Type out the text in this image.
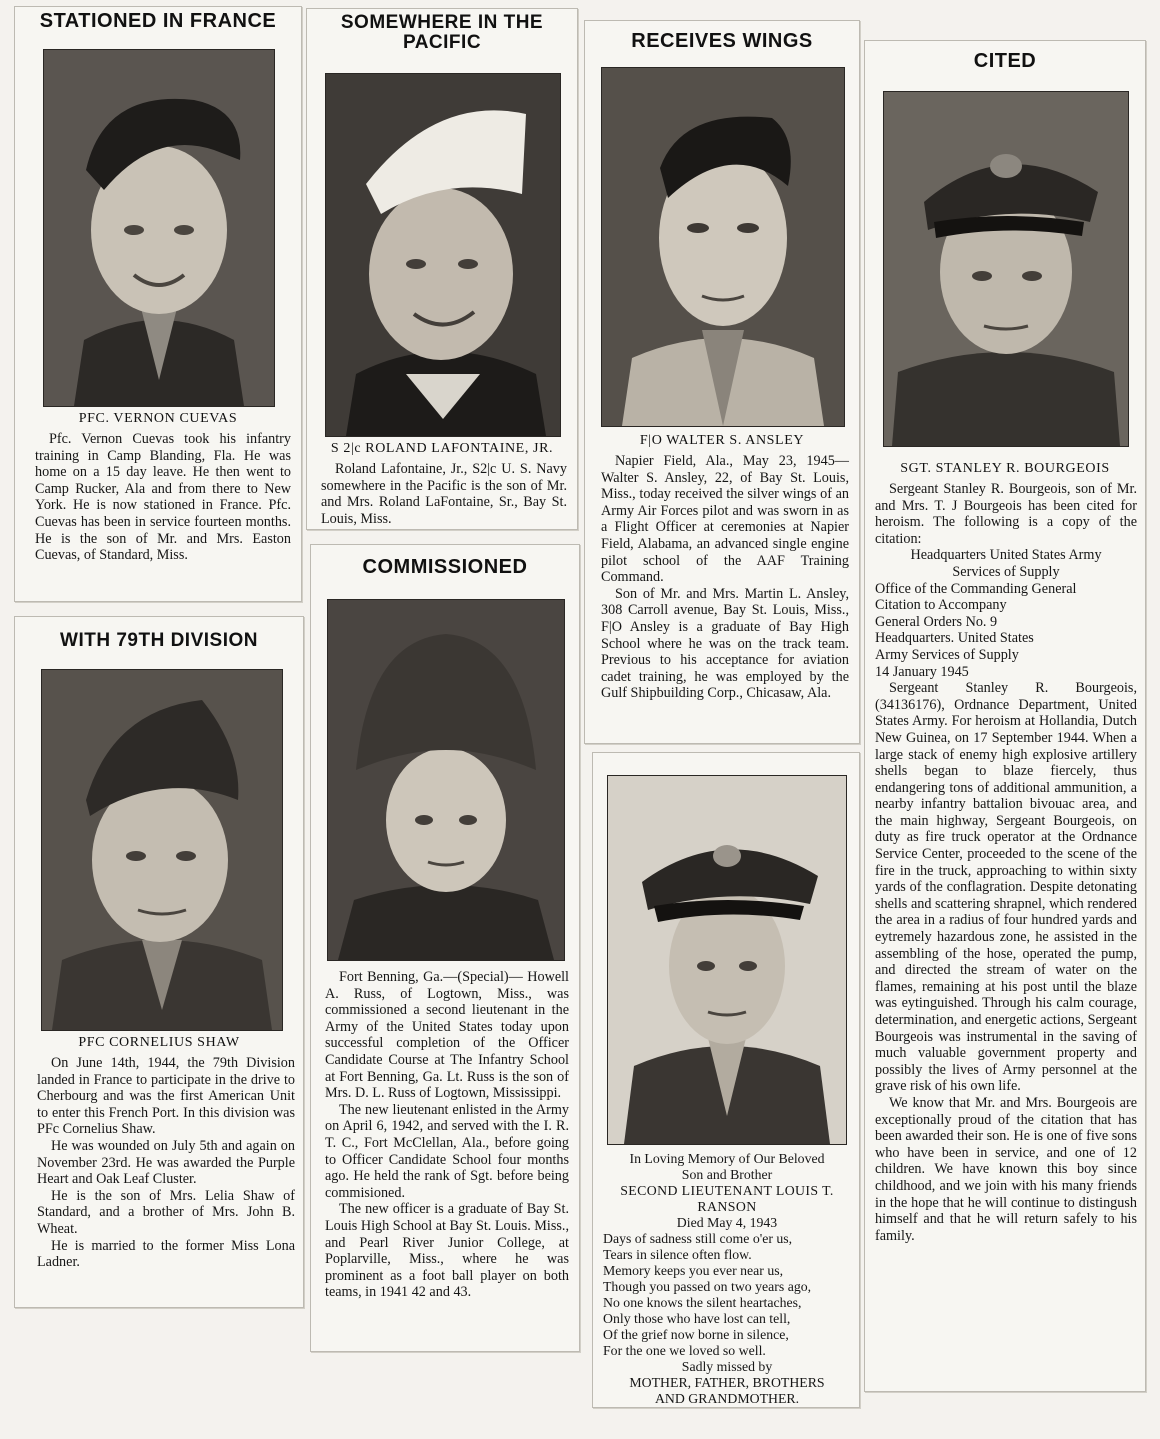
STATIONED IN FRANCE
PFC. VERNON CUEVAS

Pfc. Vernon Cuevas took his infantry training in Camp Blanding, Fla. He was home on a 15 day leave. He then went to Camp Rucker, Ala and from there to New York. He is now stationed in France. Pfc. Cuevas has been in service fourteen months. He is the son of Mr. and Mrs. Easton Cuevas, of Standard, Miss.

SOMEWHERE IN THE PACIFIC
S 2|c ROLAND LAFONTAINE, JR.

Roland Lafontaine, Jr., S2|c U. S. Navy somewhere in the Pacific is the son of Mr. and Mrs. Roland LaFontaine, Sr., Bay St. Louis, Miss.

RECEIVES WINGS
F|O WALTER S. ANSLEY

Napier Field, Ala., May 23, 1945— Walter S. Ansley, 22, of Bay St. Louis, Miss., today received the silver wings of an Army Air Forces pilot and was sworn in as a Flight Officer at ceremonies at Napier Field, Alabama, an advanced single engine pilot school of the AAF Training Command.

Son of Mr. and Mrs. Martin L. Ansley, 308 Carroll avenue, Bay St. Louis, Miss., F|O Ansley is a graduate of Bay High School where he was on the track team. Previous to his acceptance for aviation cadet training, he was employed by the Gulf Shipbuilding Corp., Chicasaw, Ala.

CITED
SGT. STANLEY R. BOURGEOIS

Sergeant Stanley R. Bourgeois, son of Mr. and Mrs. T. J Bourgeois has been cited for heroism. The following is a copy of the citation:

Headquarters United States Army
Services of Supply
Office of the Commanding General
Citation to Accompany
General Orders No. 9
Headquarters. United States
Army Services of Supply
14 January 1945

Sergeant Stanley R. Bourgeois, (34136176), Ordnance Department, United States Army. For heroism at Hollandia, Dutch New Guinea, on 17 September 1944. When a large stack of enemy high explosive artillery shells began to blaze fiercely, thus endangering tons of additional ammunition, a nearby infantry battalion bivouac area, and the main highway, Sergeant Bourgeois, on duty as fire truck operator at the Ordnance Service Center, proceeded to the scene of the fire in the truck, approaching to within sixty yards of the conflagration. Despite detonating shells and scattering shrapnel, which rendered the area in a radius of four hundred yards and eytremely hazardous zone, he assisted in the assembling of the hose, operated the pump, and directed the stream of water on the flames, remaining at his post until the blaze was eytinguished. Through his calm courage, determination, and energetic actions, Sergeant Bourgeois was instrumental in the saving of much valuable government property and possibly the lives of Army personnel at the grave risk of his own life.

We know that Mr. and Mrs. Bourgeois are exceptionally proud of the citation that has been awarded their son. He is one of five sons who have been in service, and one of 12 children. We have known this boy since childhood, and we join with his many friends in the hope that he will continue to distingush himself and that he will return safely to his family.

WITH 79TH DIVISION
PFC CORNELIUS SHAW

On June 14th, 1944, the 79th Division landed in France to participate in the drive to Cherbourg and was the first American Unit to enter this French Port. In this division was PFc Cornelius Shaw.

He was wounded on July 5th and again on November 23rd. He was awarded the Purple Heart and Oak Leaf Cluster.

He is the son of Mrs. Lelia Shaw of Standard, and a brother of Mrs. John B. Wheat.

He is married to the former Miss Lona Ladner.

COMMISSIONED

Fort Benning, Ga.—(Special)— Howell A. Russ, of Logtown, Miss., was commissioned a second lieutenant in the Army of the United States today upon successful completion of the Officer Candidate Course at The Infantry School at Fort Benning, Ga. Lt. Russ is the son of Mrs. D. L. Russ of Logtown, Mississippi.

The new lieutenant enlisted in the Army on April 6, 1942, and served with the I. R. T. C., Fort McClellan, Ala., before going to Officer Candidate School four months ago. He held the rank of Sgt. before being commisioned.

The new officer is a graduate of Bay St. Louis High School at Bay St. Louis. Miss., and Pearl River Junior College, at Poplarville, Miss., where he was prominent as a foot ball player on both teams, in 1941 42 and 43.

In Loving Memory of Our Beloved
Son and Brother
SECOND LIEUTENANT LOUIS T.
RANSON
Died May 4, 1943
Days of sadness still come o'er us,
Tears in silence often flow.
Memory keeps you ever near us,
Though you passed on two years ago,
No one knows the silent heartaches,
Only those who have lost can tell,
Of the grief now borne in silence,
For the one we loved so well.
Sadly missed by
MOTHER, FATHER, BROTHERS
AND GRANDMOTHER.
